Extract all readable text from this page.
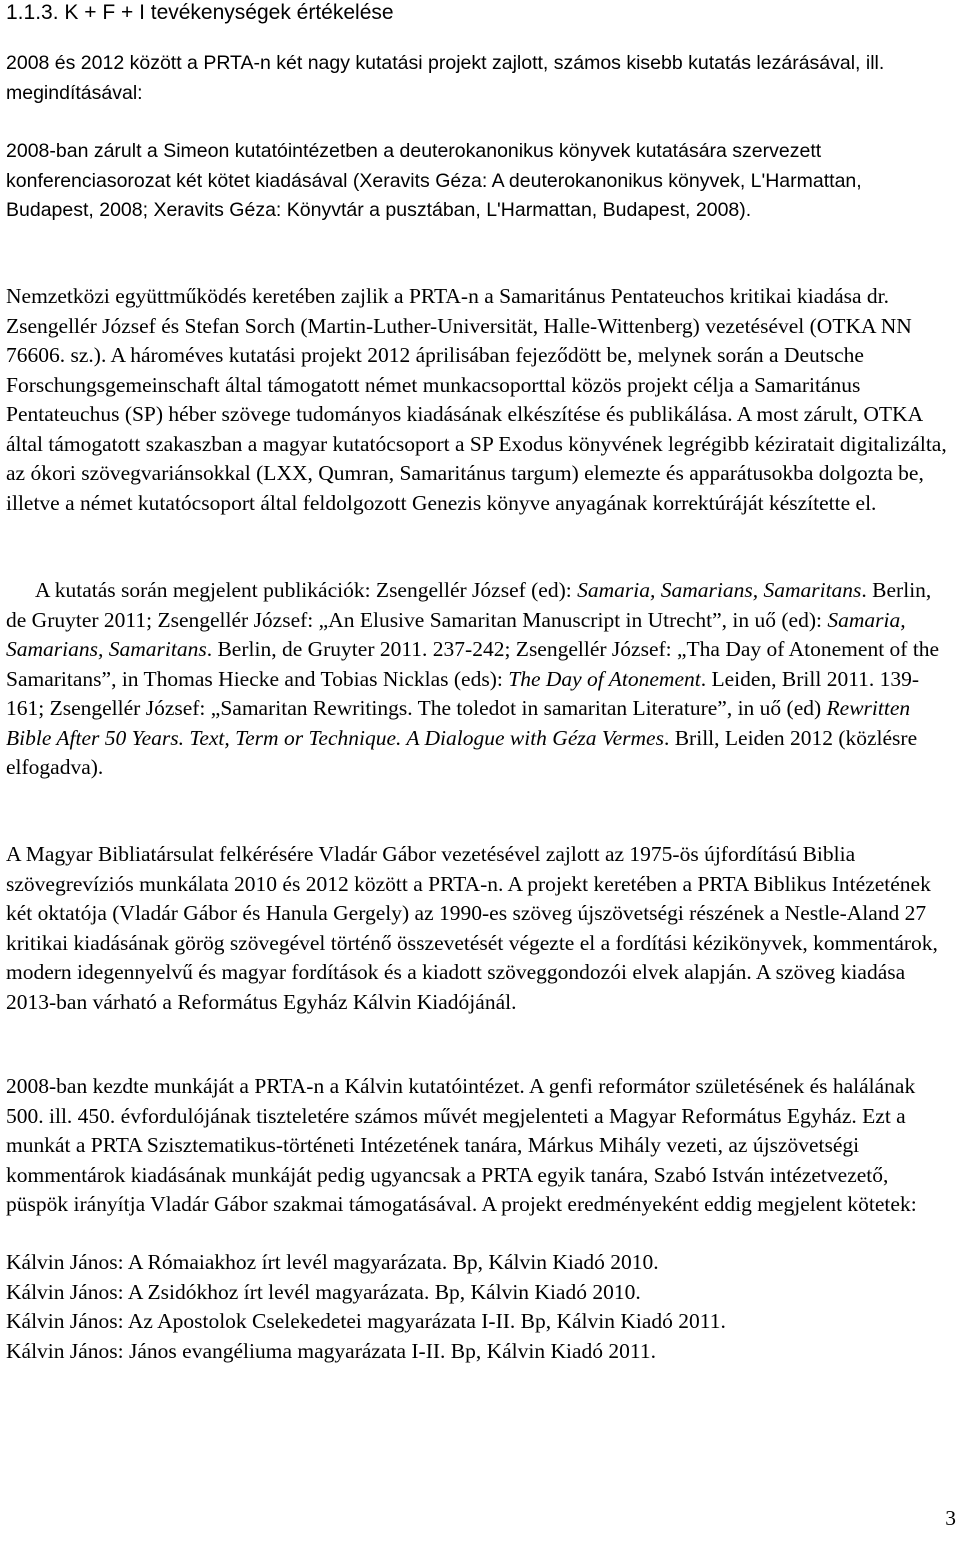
1.1.3. K + F + I tevékenységek értékelése

2008 és 2012 között a PRTA-n két nagy kutatási projekt zajlott, számos kisebb kutatás lezárásával, ill. megindításával:

2008-ban zárult a Simeon kutatóintézetben a deuterokanonikus könyvek kutatására szervezett konferenciasorozat két kötet kiadásával (Xeravits Géza: A deuterokanonikus könyvek, L'Harmattan, Budapest, 2008; Xeravits Géza: Könyvtár a pusztában, L'Harmattan, Budapest, 2008).

Nemzetközi együttműködés keretében zajlik a PRTA-n a Samaritánus Pentateuchos kritikai kiadása dr. Zsengellér József és Stefan Sorch (Martin-Luther-Universität, Halle-Wittenberg) vezetésével (OTKA NN 76606. sz.). A hároméves kutatási projekt 2012 áprilisában fejeződött be, melynek során a Deutsche Forschungsgemeinschaft által támogatott német munkacsoporttal közös projekt célja a Samaritánus Pentateuchus (SP) héber szövege tudományos kiadásának elkészítése és publikálása. A most zárult, OTKA által támogatott szakaszban a magyar kutatócsoport a SP Exodus könyvének legrégibb kéziratait digitalizálta, az ókori szövegvariánsokkal (LXX, Qumran, Samaritánus targum) elemezte és apparátusokba dolgozta be, illetve a német kutatócsoport által feldolgozott Genezis könyve anyagának korrektúráját készítette el.

A kutatás során megjelent publikációk: Zsengellér József (ed): Samaria, Samarians, Samaritans. Berlin, de Gruyter 2011; Zsengellér József: „An Elusive Samaritan Manuscript in Utrecht”, in uő (ed): Samaria, Samarians, Samaritans. Berlin, de Gruyter 2011. 237-242; Zsengellér József: „Tha Day of Atonement of the Samaritans”, in Thomas Hiecke and Tobias Nicklas (eds): The Day of Atonement. Leiden, Brill 2011. 139-161; Zsengellér József: „Samaritan Rewritings. The toledot in samaritan Literature”, in uő (ed) Rewritten Bible After 50 Years. Text, Term or Technique. A Dialogue with Géza Vermes. Brill, Leiden 2012 (közlésre elfogadva).

A Magyar Bibliatársulat felkérésére Vladár Gábor vezetésével zajlott az 1975-ös újfordítású Biblia szövegrevíziós munkálata 2010 és 2012 között a PRTA-n. A projekt keretében a PRTA Biblikus Intézetének két oktatója (Vladár Gábor és Hanula Gergely) az 1990-es szöveg újszövetségi részének a Nestle-Aland 27 kritikai kiadásának görög szövegével történő összevetését végezte el a fordítási kézikönyvek, kommentárok, modern idegennyelvű és magyar fordítások és a kiadott szöveggondozói elvek alapján. A szöveg kiadása 2013-ban várható a Református Egyház Kálvin Kiadójánál.

2008-ban kezdte munkáját a PRTA-n a Kálvin kutatóintézet. A genfi reformátor születésének és halálának 500. ill. 450. évfordulójának tiszteletére számos művét megjelenteti a Magyar Református Egyház. Ezt a munkát a PRTA Szisztematikus-történeti Intézetének tanára, Márkus Mihály vezeti, az újszövetségi kommentárok kiadásának munkáját pedig ugyancsak a PRTA egyik tanára, Szabó István intézetvezető, püspök irányítja Vladár Gábor szakmai támogatásával. A projekt eredményeként eddig megjelent kötetek:

Kálvin János: A Rómaiakhoz írt levél magyarázata. Bp, Kálvin Kiadó 2010.
Kálvin János: A Zsidókhoz írt levél magyarázata. Bp, Kálvin Kiadó 2010.
Kálvin János: Az Apostolok Cselekedetei magyarázata I-II. Bp, Kálvin Kiadó 2011.
Kálvin János: János evangéliuma magyarázata I-II. Bp, Kálvin Kiadó 2011.
3
